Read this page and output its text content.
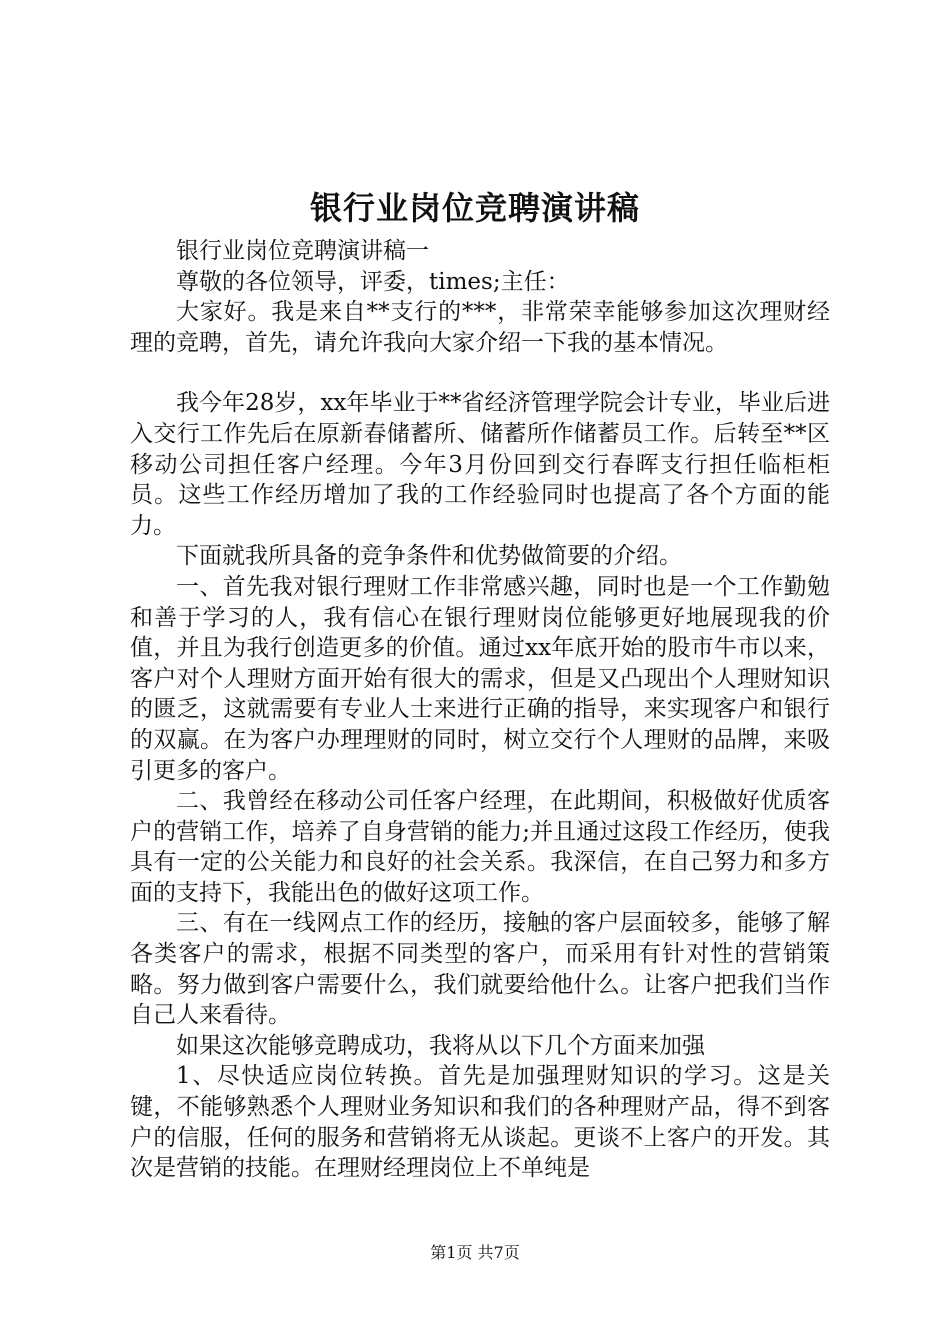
银行业岗位竞聘演讲稿

银行业岗位竞聘演讲稿一

尊敬的各位领导，评委，times;主任：

大家好。我是来自**支行的***，非常荣幸能够参加这次理财经理的竞聘，首先，请允许我向大家介绍一下我的基本情况。

我今年28岁，xx年毕业于**省经济管理学院会计专业，毕业后进入交行工作先后在原新春储蓄所、储蓄所作储蓄员工作。后转至**区移动公司担任客户经理。今年3月份回到交行春晖支行担任临柜柜员。这些工作经历增加了我的工作经验同时也提高了各个方面的能力。

下面就我所具备的竞争条件和优势做简要的介绍。

一、首先我对银行理财工作非常感兴趣，同时也是一个工作勤勉和善于学习的人，我有信心在银行理财岗位能够更好地展现我的价值，并且为我行创造更多的价值。通过xx年底开始的股市牛市以来，客户对个人理财方面开始有很大的需求，但是又凸现出个人理财知识的匮乏，这就需要有专业人士来进行正确的指导，来实现客户和银行的双赢。在为客户办理理财的同时，树立交行个人理财的品牌，来吸引更多的客户。

二、我曾经在移动公司任客户经理，在此期间，积极做好优质客户的营销工作，培养了自身营销的能力;并且通过这段工作经历，使我具有一定的公关能力和良好的社会关系。我深信，在自己努力和多方面的支持下，我能出色的做好这项工作。

三、有在一线网点工作的经历，接触的客户层面较多，能够了解各类客户的需求，根据不同类型的客户，而采用有针对性的营销策略。努力做到客户需要什么，我们就要给他什么。让客户把我们当作自己人来看待。

如果这次能够竞聘成功，我将从以下几个方面来加强

1、尽快适应岗位转换。首先是加强理财知识的学习。这是关键，不能够熟悉个人理财业务知识和我们的各种理财产品，得不到客户的信服，任何的服务和营销将无从谈起。更谈不上客户的开发。其次是营销的技能。在理财经理岗位上不单纯是

第1页 共7页
